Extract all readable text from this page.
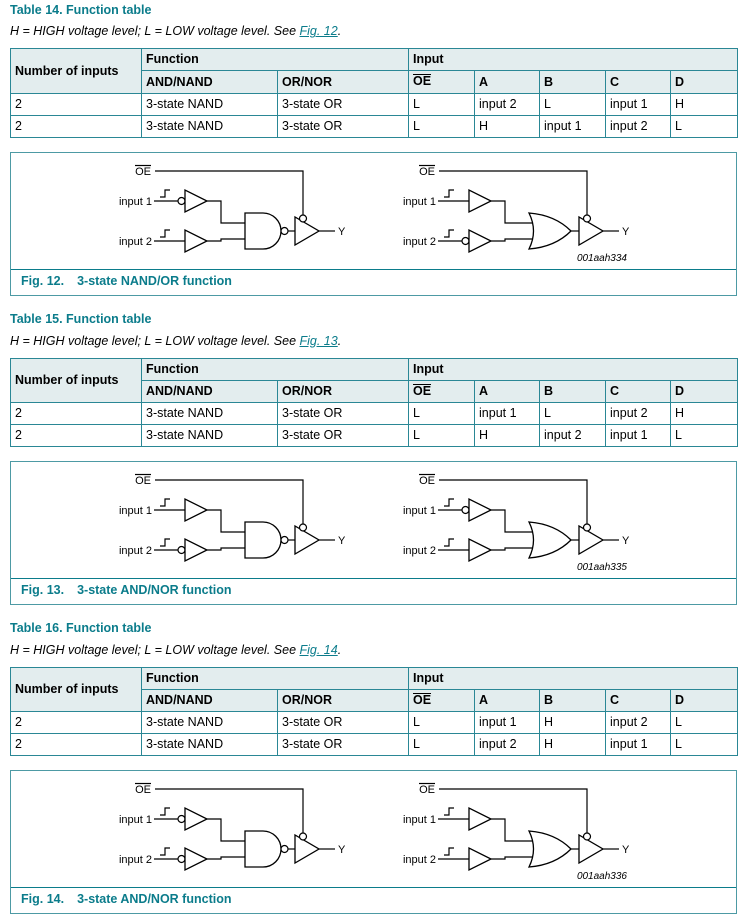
Table 14. Function table

H = HIGH voltage level; L = LOW voltage level. See Fig. 12.

Number of inputs	Function		Input				
	AND/NAND	OR/NOR	OE	A	B	C	D
2	3-state NAND	3-state OR	L	input 2	L	input 1	H
2	3-state NAND	3-state OR	L	H	input 1	input 2	L
OE
input 1
input 2
Y
OE
input 1
input 2
Y
001aah334
Fig. 12. 3-state NAND/OR function
Table 15. Function table

H = HIGH voltage level; L = LOW voltage level. See Fig. 13.

Number of inputs	Function		Input				
	AND/NAND	OR/NOR	OE	A	B	C	D
2	3-state NAND	3-state OR	L	input 1	L	input 2	H
2	3-state NAND	3-state OR	L	H	input 2	input 1	L
OE
input 1
input 2
Y
OE
input 1
input 2
Y
001aah335
Fig. 13. 3-state AND/NOR function
Table 16. Function table

H = HIGH voltage level; L = LOW voltage level. See Fig. 14.

Number of inputs	Function		Input				
	AND/NAND	OR/NOR	OE	A	B	C	D
2	3-state NAND	3-state OR	L	input 1	H	input 2	L
2	3-state NAND	3-state OR	L	input 2	H	input 1	L
OE
input 1
input 2
Y
OE
input 1
input 2
Y
001aah336
Fig. 14. 3-state AND/NOR function
